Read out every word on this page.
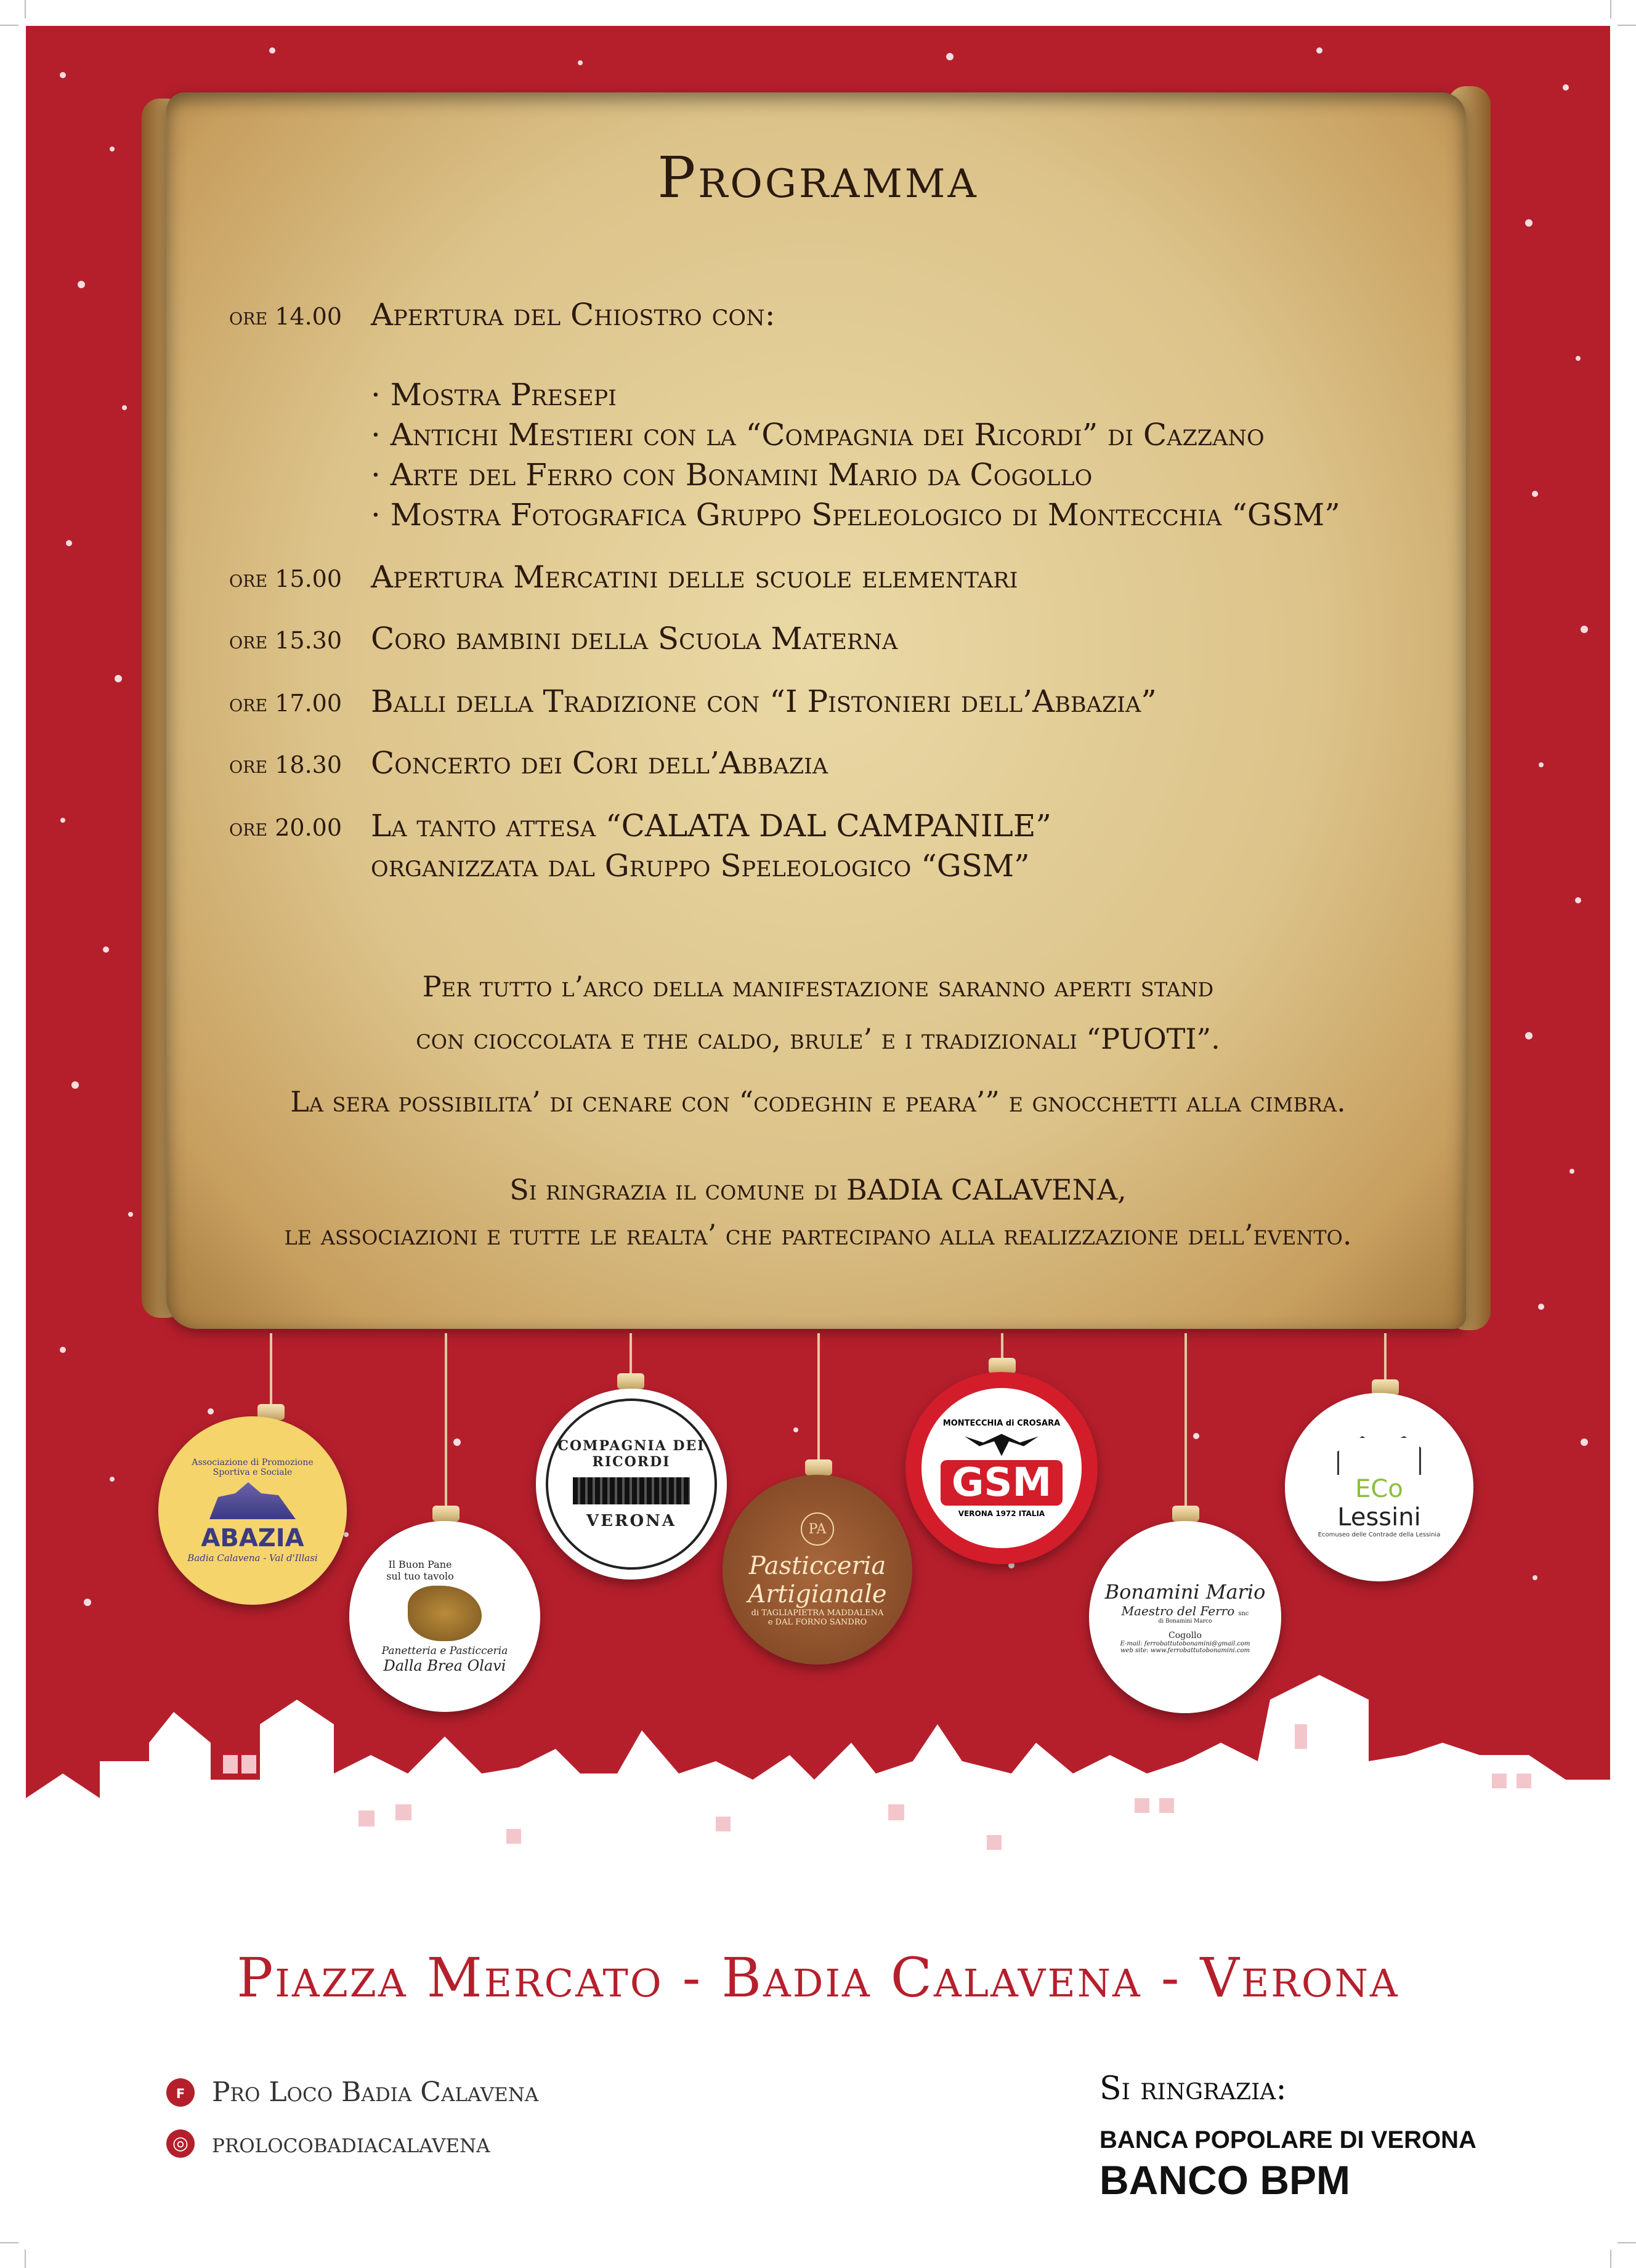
Programma
ore 14.00 Apertura del Chiostro con:
· Mostra Presepi
· Antichi Mestieri con la “Compagnia dei Ricordi” di Cazzano
· Arte del Ferro con Bonamini Mario da Cogollo
· Mostra Fotografica Gruppo Speleologico di Montecchia “GSM”
ore 15.00 Apertura Mercatini delle scuole elementari
ore 15.30 Coro bambini della Scuola Materna
ore 17.00 Balli della Tradizione con “I Pistonieri dell’Abbazia”
ore 18.30 Concerto dei Cori dell’Abbazia
ore 20.00 La tanto attesa “CALATA DAL CAMPANILE”
organizzata dal Gruppo Speleologico “GSM”
Per tutto l’arco della manifestazione saranno aperti stand
con cioccolata e the caldo, brule’ e i tradizionali “PUOTI”.
La sera possibilita’ di cenare con “codeghin e peara’” e gnocchetti alla cimbra.
Si ringrazia il comune di BADIA CALAVENA,
le associazioni e tutte le realta’ che partecipano alla realizzazione dell’evento.
Associazione di Promozione Sportiva e Sociale
ABAZIA
Badia Calavena - Val d'Illasi
Il Buon Pane sul tuo tavolo
Panetteria e Pasticceria
Dalla Brea Olavi
COMPAGNIA DEI RICORDI
VERONA	PA
Pasticceria
Artigianale
di TAGLIAPIETRA MADDALENA
e DAL FORNO SANDRO
MONTECCHIA di CROSARA
GSM
VERONA 1972 ITALIA
Bonamini Mario
Maestro del Ferro snc
di Bonamini Marco
Cogollo
E-mail: ferrobattutobonamini@gmail.com
web site: www.ferrobattutobonamini.com
ECo
Lessini
Ecomuseo delle Contrade della Lessinia
Piazza Mercato - Badia Calavena - Verona
f Pro Loco Badia Calavena
◎ prolocobadiacalavena
Si ringrazia:
BANCA POPOLARE DI VERONA
BANCO BPM
